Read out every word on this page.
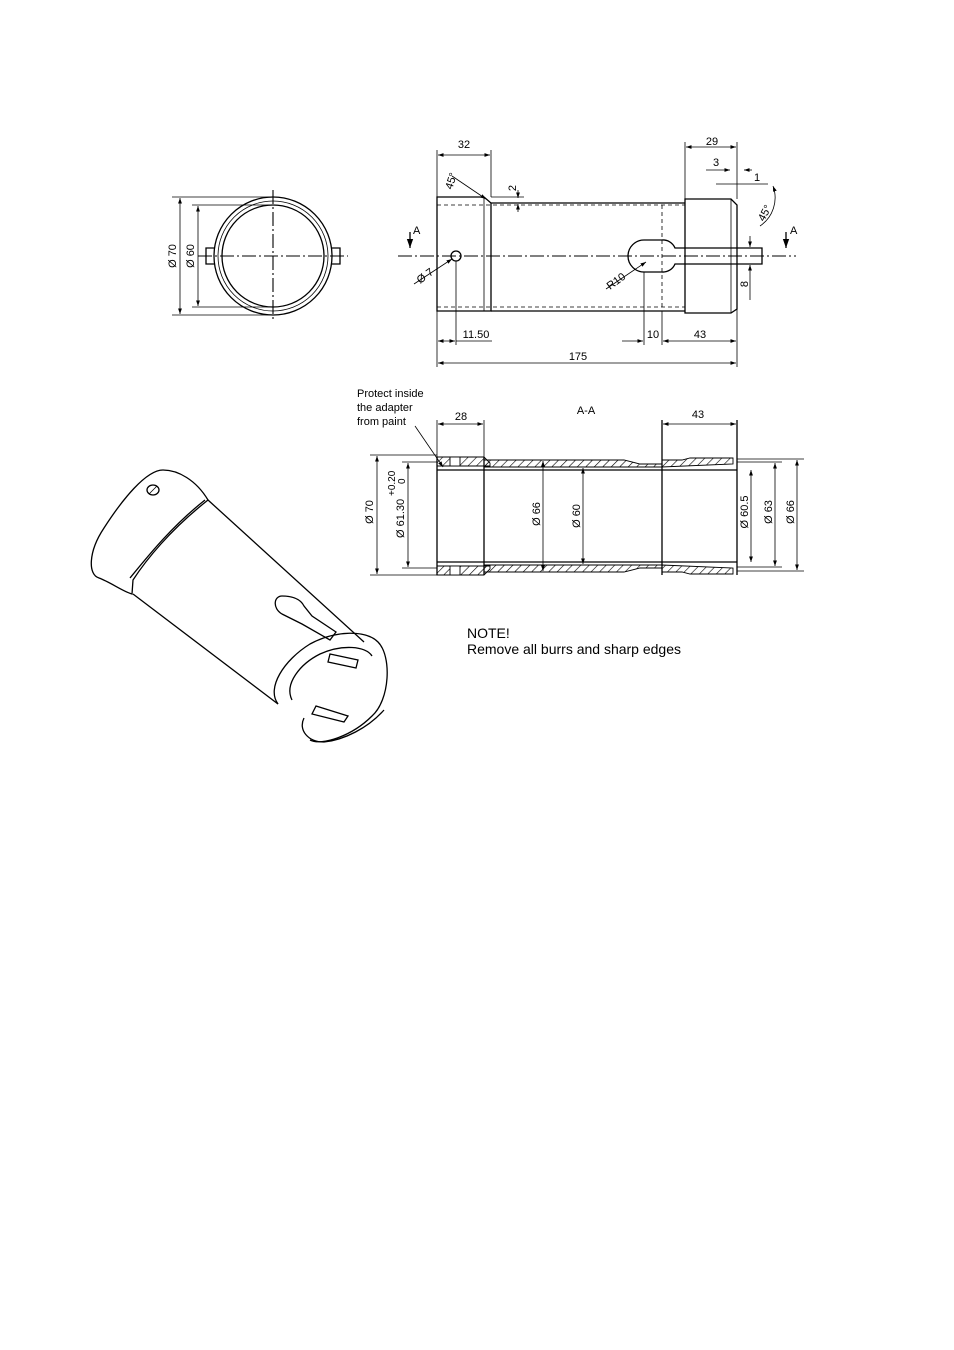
Ø 70 Ø 60
A	A
32
45°	2
29
3
1
45°
Ø 7	R10	8
11.50	10	43
175
A-A
Protect inside
the adapter
from paint	28	43
Ø 70 Ø 61.30
+0.20 0
Ø 66	Ø 60	Ø 60.5 Ø 63 Ø 66
NOTE!
Remove all burrs and sharp edges
